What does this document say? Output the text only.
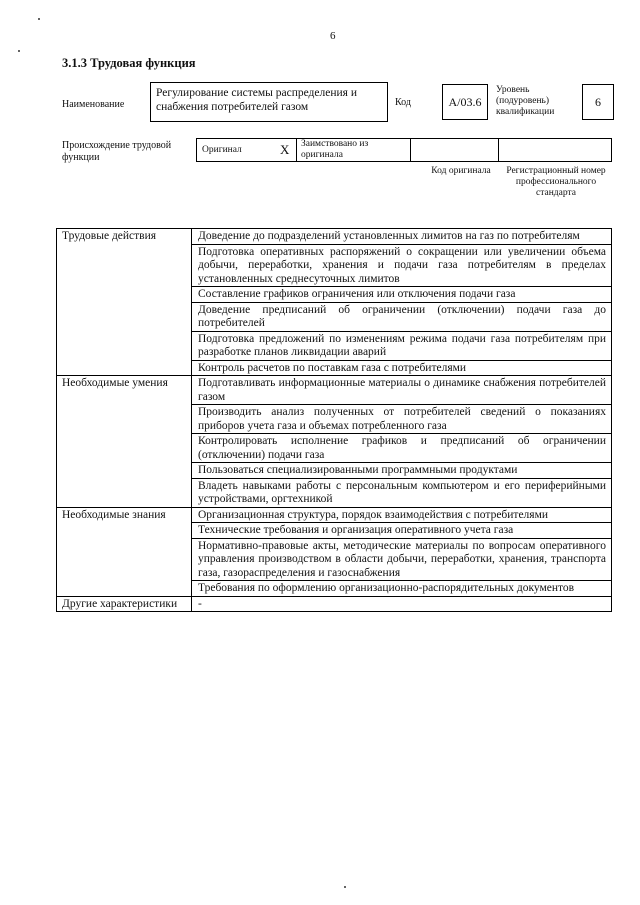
6
3.1.3 Трудовая функция
Наименование
Регулирование системы распределения и снабжения потребителей газом	Код	A/03.6
Уровень (подуровень) квалификации
6
Происхождение трудовой функции
Оригинал	X Заимствовано из оригинала
Код оригинала	Регистрационный номер профессионального стандарта
Трудовые действия	Доведение до подразделений установленных лимитов на газ по потребителям
	Подготовка оперативных распоряжений о сокращении или увеличении объема добычи, переработки, хранения и подачи газа потребителям в пределах установленных среднесуточных лимитов
	Составление графиков ограничения или отключения подачи газа
	Доведение предписаний об ограничении (отключении) подачи газа до потребителей
	Подготовка предложений по изменениям режима подачи газа потребителям при разработке планов ликвидации аварий
	Контроль расчетов по поставкам газа с потребителями
Необходимые умения	Подготавливать информационные материалы о динамике снабжения потребителей газом
	Производить анализ полученных от потребителей сведений о показаниях приборов учета газа и объемах потребленного газа
	Контролировать исполнение графиков и предписаний об ограничении (отключении) подачи газа
	Пользоваться специализированными программными продуктами
	Владеть навыками работы с персональным компьютером и его периферийными устройствами, оргтехникой
Необходимые знания	Организационная структура, порядок взаимодействия с потребителями
	Технические требования и организация оперативного учета газа
	Нормативно-правовые акты, методические материалы по вопросам оперативного управления производством в области добычи, переработки, хранения, транспорта газа, газораспределения и газоснабжения
	Требования по оформлению организационно-распорядительных документов
Другие характеристики	-
